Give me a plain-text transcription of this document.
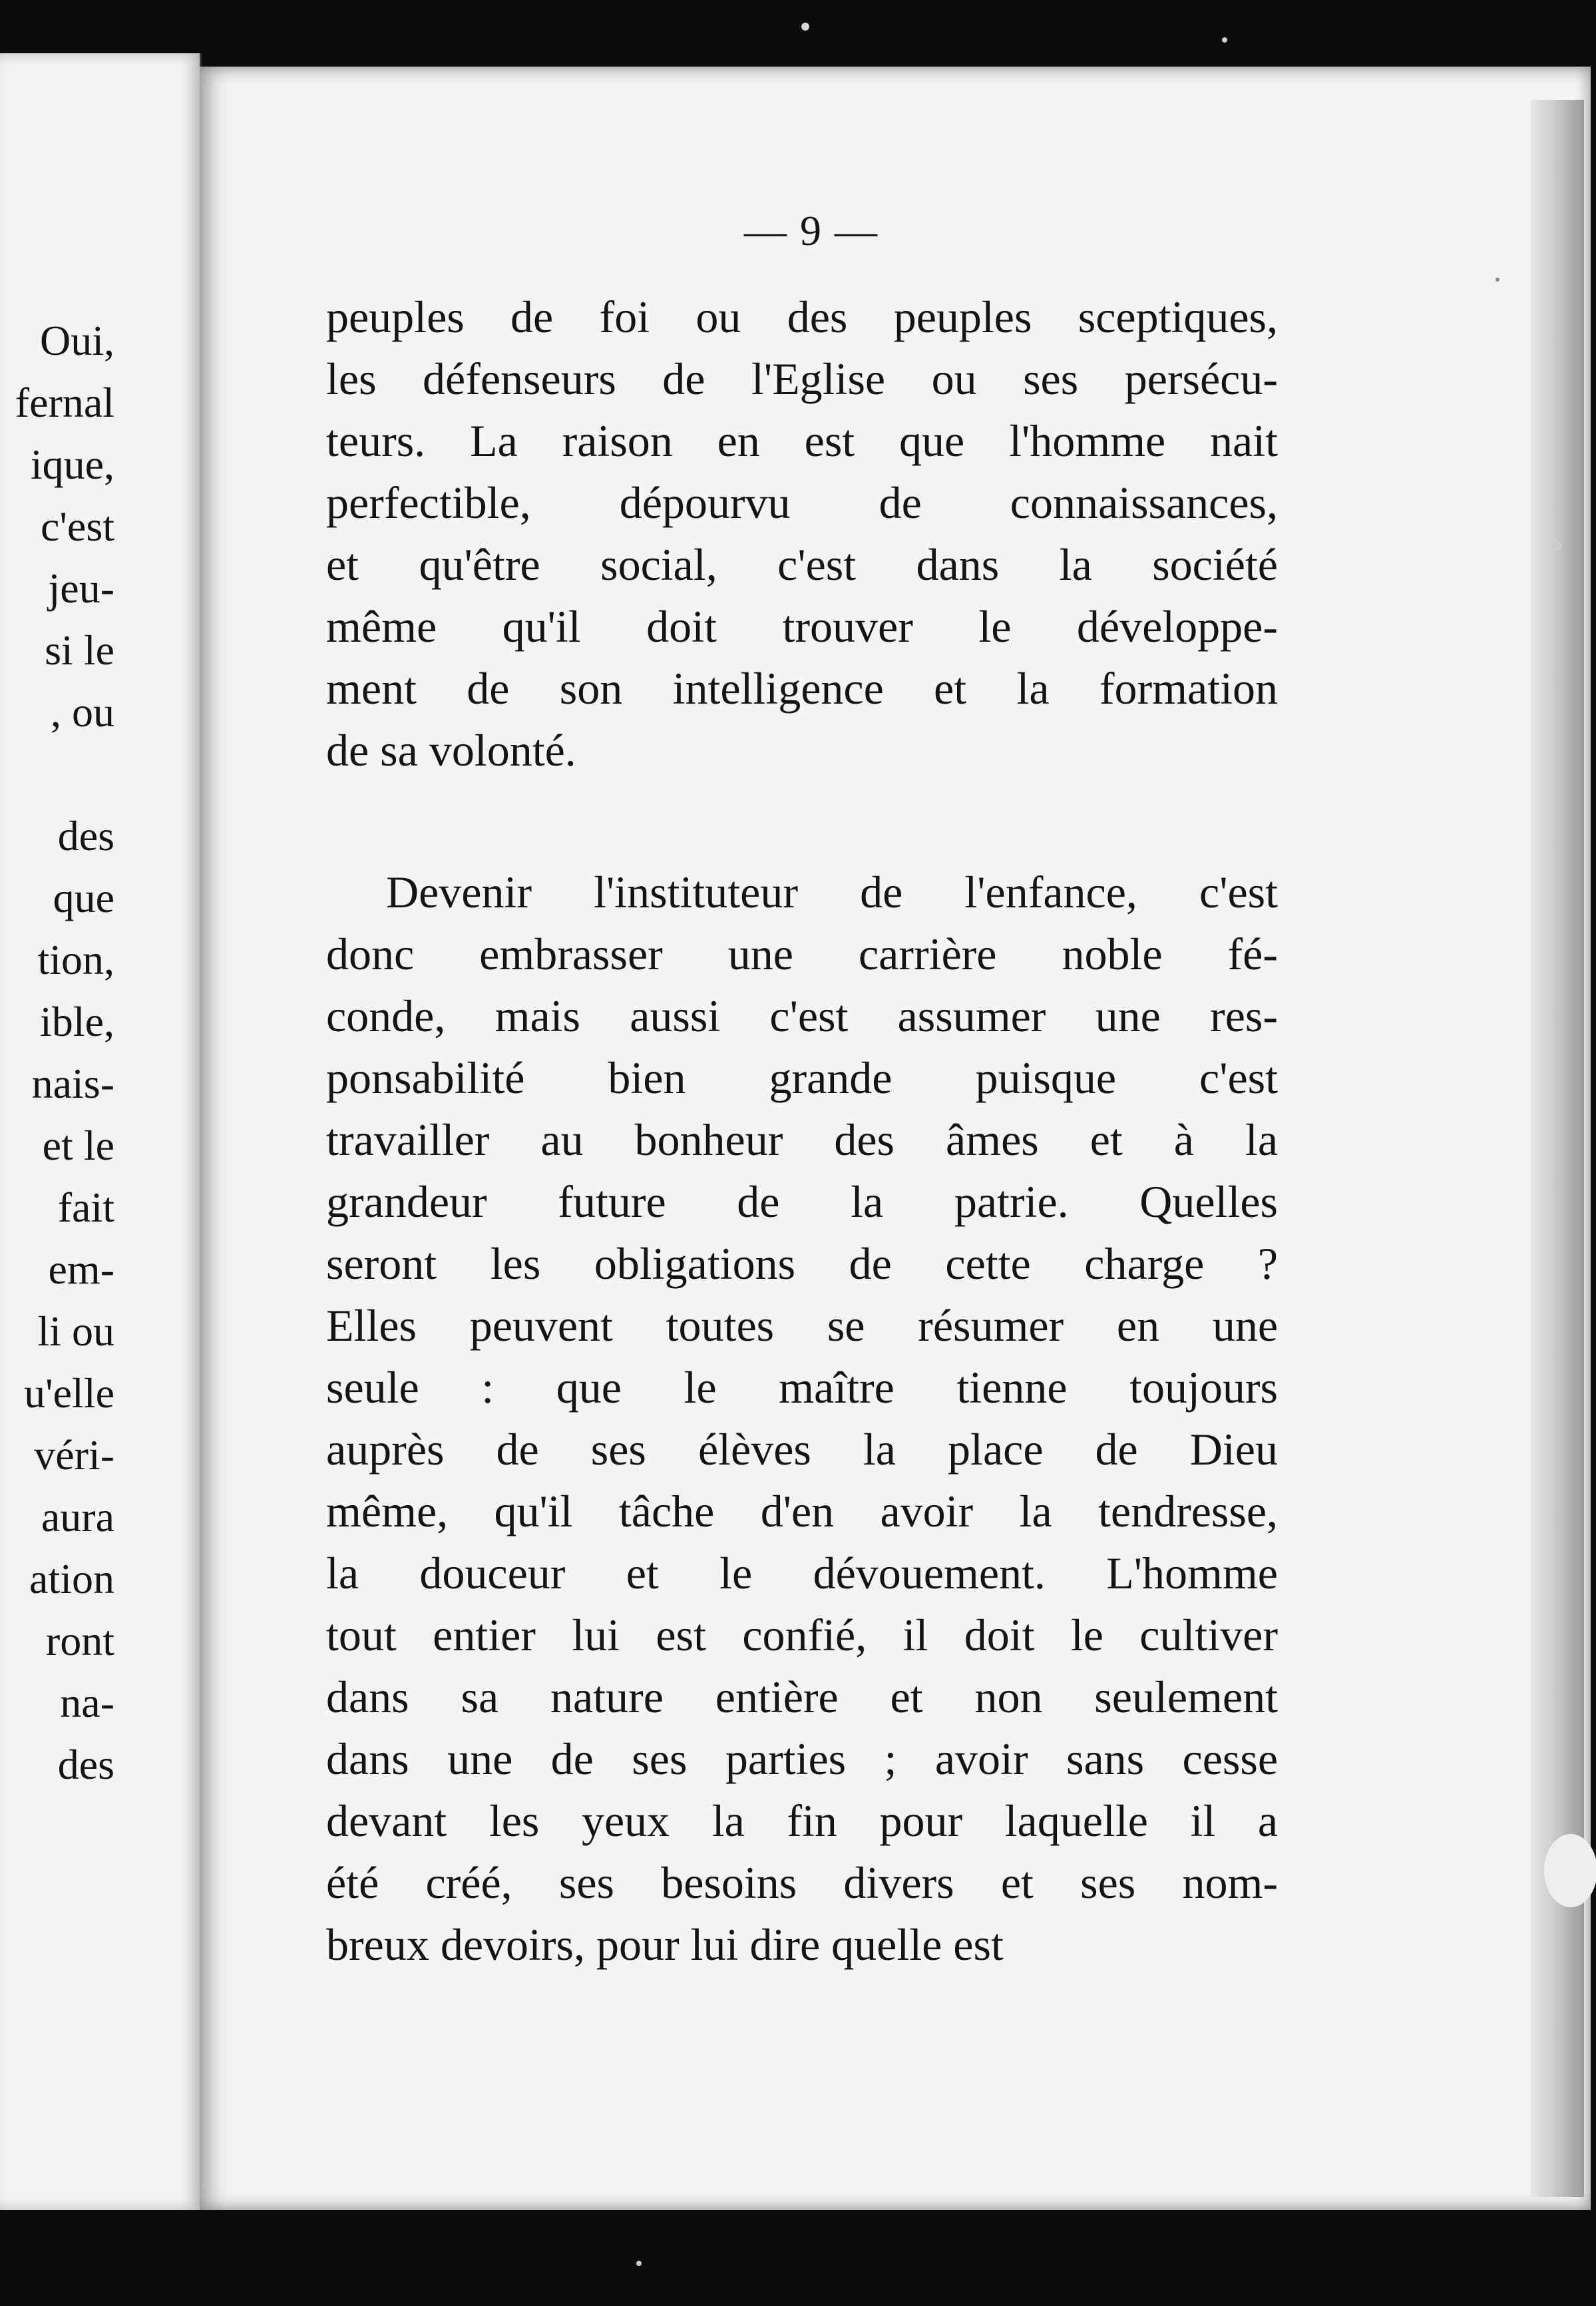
Oui,
fernal
ique,
c'est
jeu-
si le
, ou
des
que
tion,
ible,
nais-
et le
fait
em-
li ou
u'elle
véri-
aura
ation
ront
na-
des
— 9 —
peuples de foi ou des peuples sceptiques,
les défenseurs de l'Eglise ou ses persécu-
teurs. La raison en est que l'homme nait
perfectible, dépourvu de connaissances,
et qu'être social, c'est dans la société
même qu'il doit trouver le développe-
ment de son intelligence et la formation
de sa volonté.
Devenir l'instituteur de l'enfance, c'est
donc embrasser une carrière noble fé-
conde, mais aussi c'est assumer une res-
ponsabilité bien grande puisque c'est
travailler au bonheur des âmes et à la
grandeur future de la patrie. Quelles
seront les obligations de cette charge ?
Elles peuvent toutes se résumer en une
seule : que le maître tienne toujours
auprès de ses élèves la place de Dieu
même, qu'il tâche d'en avoir la tendresse,
la douceur et le dévouement. L'homme
tout entier lui est confié, il doit le cultiver
dans sa nature entière et non seulement
dans une de ses parties ; avoir sans cesse
devant les yeux la fin pour laquelle il a
été créé, ses besoins divers et ses nom-
breux devoirs, pour lui dire quelle est
